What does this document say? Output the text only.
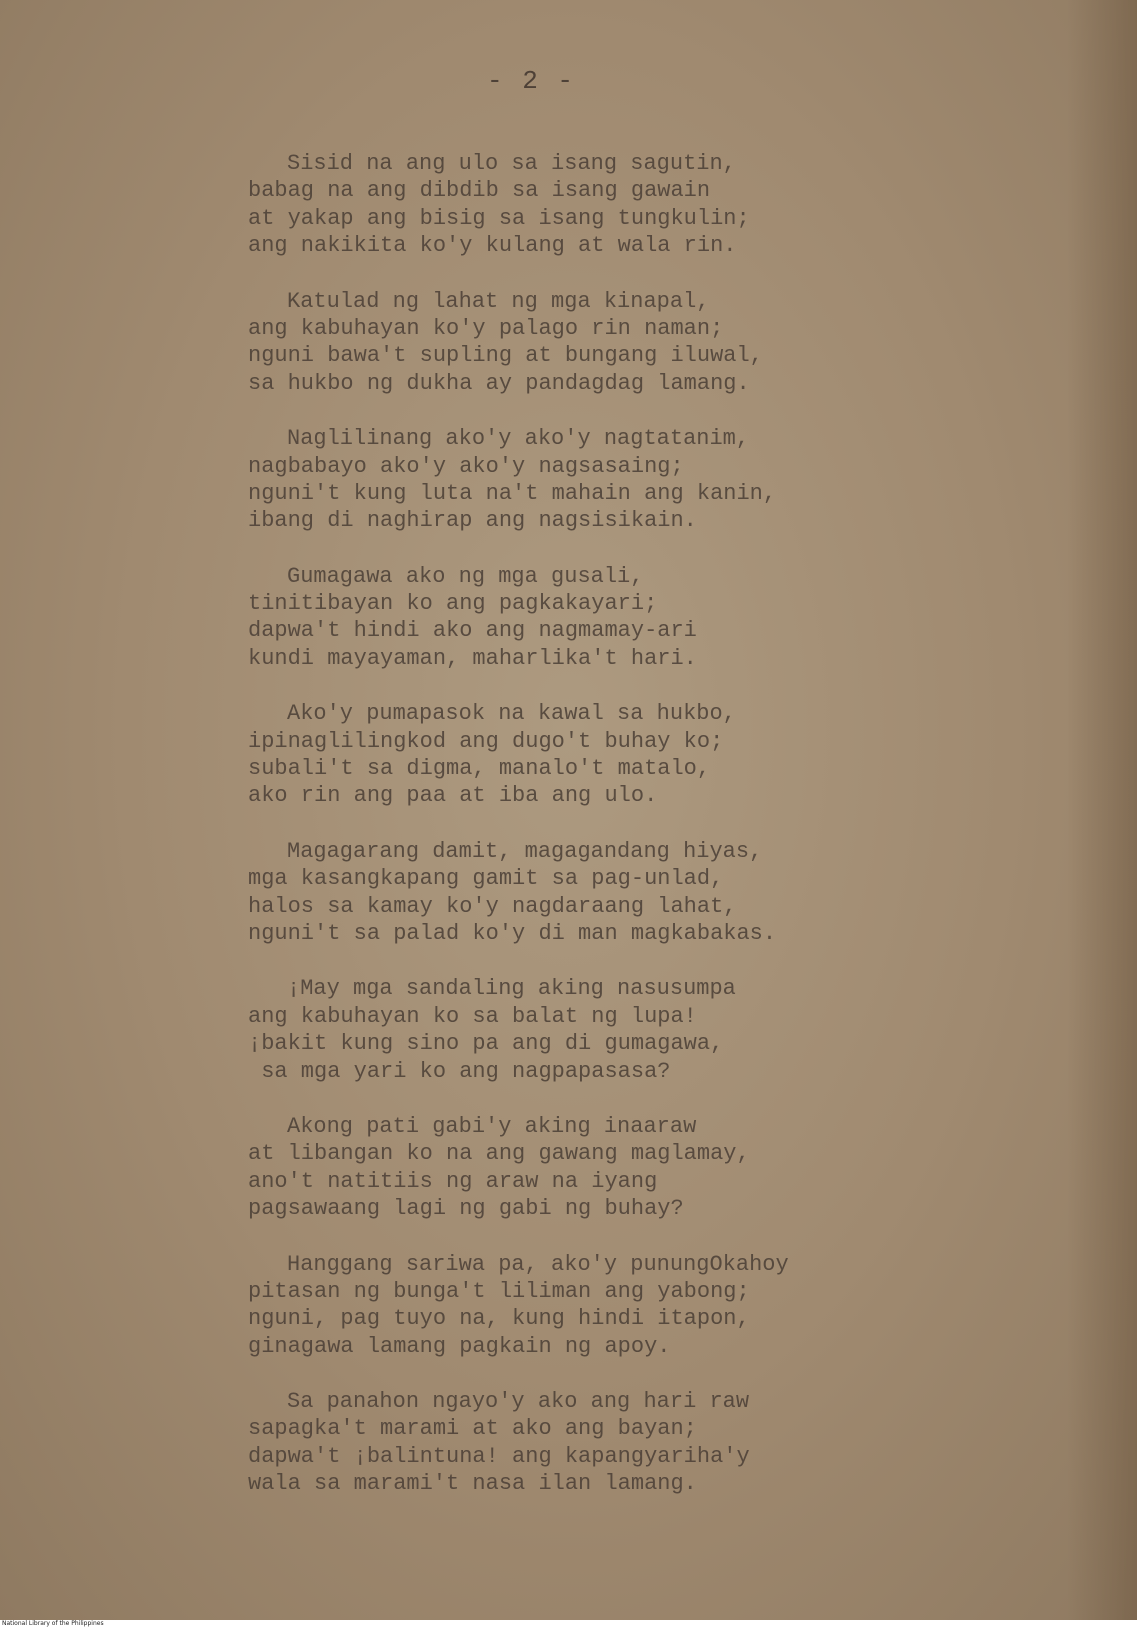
- 2 -
Sisid na ang ulo sa isang sagutin,
babag na ang dibdib sa isang gawain
at yakap ang bisig sa isang tungkulin;
ang nakikita ko'y kulang at wala rin.
Katulad ng lahat ng mga kinapal,
ang kabuhayan ko'y palago rin naman;
nguni bawa't supling at bungang iluwal,
sa hukbo ng dukha ay pandagdag lamang.
Naglilinang ako'y ako'y nagtatanim,
nagbabayo ako'y ako'y nagsasaing;
nguni't kung luta na't mahain ang kanin,
ibang di naghirap ang nagsisikain.
Gumagawa ako ng mga gusali,
tinitibayan ko ang pagkakayari;
dapwa't hindi ako ang nagmamay-ari
kundi mayayaman, maharlika't hari.
Ako'y pumapasok na kawal sa hukbo,
ipinaglilingkod ang dugo't buhay ko;
subali't sa digma, manalo't matalo,
ako rin ang paa at iba ang ulo.
Magagarang damit, magagandang hiyas,
mga kasangkapang gamit sa pag-unlad,
halos sa kamay ko'y nagdaraang lahat,
nguni't sa palad ko'y di man magkabakas.
¡May mga sandaling aking nasusumpa
ang kabuhayan ko sa balat ng lupa!
¡bakit kung sino pa ang di gumagawa,
sa mga yari ko ang nagpapasasa?
Akong pati gabi'y aking inaaraw
at libangan ko na ang gawang maglamay,
ano't natitiis ng araw na iyang
pagsawaang lagi ng gabi ng buhay?
Hanggang sariwa pa, ako'y punungOkahoy
pitasan ng bunga't liliman ang yabong;
nguni, pag tuyo na, kung hindi itapon,
ginagawa lamang pagkain ng apoy.
Sa panahon ngayo'y ako ang hari raw
sapagka't marami at ako ang bayan;
dapwa't ¡balintuna! ang kapangyariha'y
wala sa marami't nasa ilan lamang.
National Library of the Philippines
